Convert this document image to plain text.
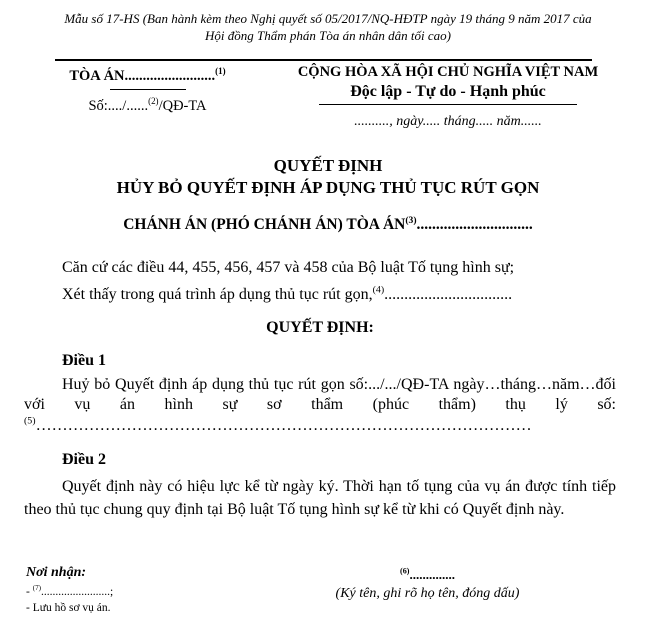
Mẫu số 17-HS (Ban hành kèm theo Nghị quyết số 05/2017/NQ-HĐTP ngày 19 tháng 9 năm 2017 của
Hội đồng Thẩm phán Tòa án nhân dân tối cao)
TÒA ÁN.........................$^{(1)}$
Số:..../......$^{(2)}$/QĐ-TA
CỘNG HÒA XÃ HỘI CHỦ NGHĨA VIỆT NAM
Độc lập - Tự do - Hạnh phúc
.........., ngày..... tháng..... năm......
QUYẾT ĐỊNH
HỦY BỎ QUYẾT ĐỊNH ÁP DỤNG THỦ TỤC RÚT GỌN
CHÁNH ÁN (PHÓ CHÁNH ÁN) TÒA ÁN$^{(3)}$..............................

Căn cứ các điều 44, 455, 456, 457 và 458 của Bộ luật Tố tụng hình sự;

Xét thấy trong quá trình áp dụng thủ tục rút gọn,$^{(4)}$................................

QUYẾT ĐỊNH:

Điều 1

Huỷ bỏ Quyết định áp dụng thủ tục rút gọn số:.../.../QĐ-TA ngày…tháng…năm…đối với vụ án hình sự sơ thẩm (phúc thẩm) thụ lý số:$^{(5)}$…………………………………………………………………………………

Điều 2

Quyết định này có hiệu lực kể từ ngày ký. Thời hạn tố tụng của vụ án được tính tiếp theo thủ tục chung quy định tại Bộ luật Tố tụng hình sự kể từ khi có Quyết định này.

Nơi nhận:
- $^{(7)}$........................;
- Lưu hồ sơ vụ án.
$^{(6)}$..............
(Ký tên, ghi rõ họ tên, đóng dấu)
